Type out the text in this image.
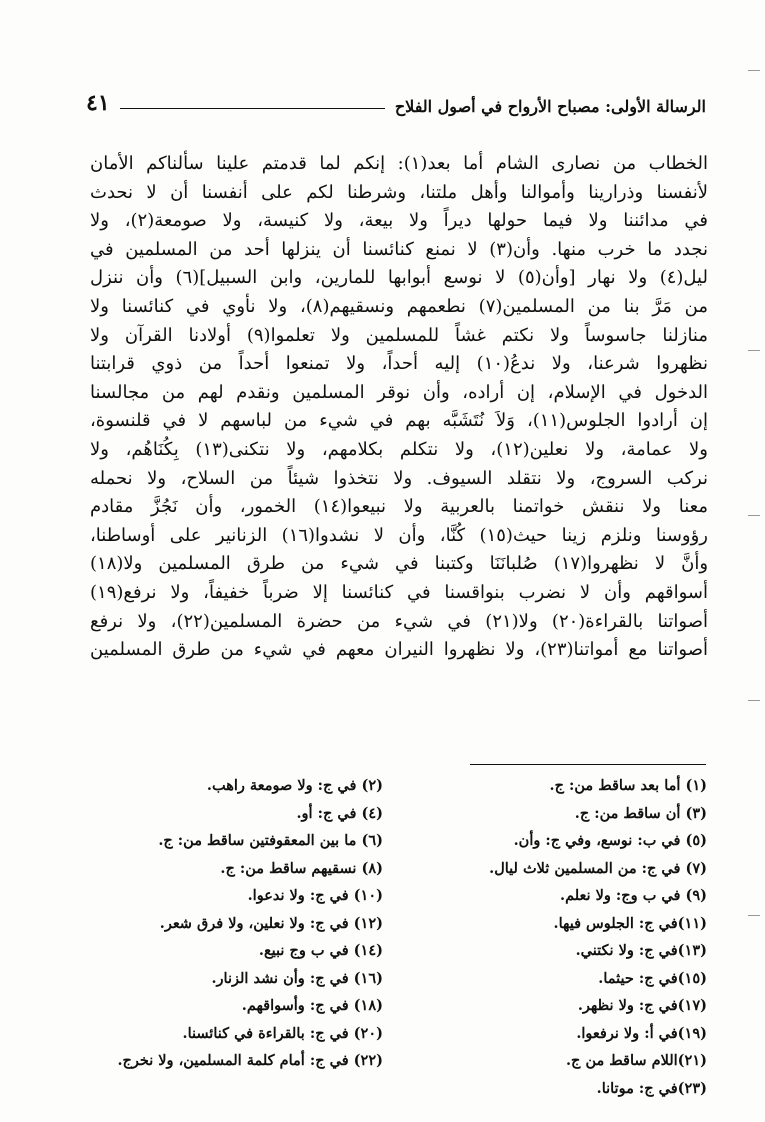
الرسالة الأولى: مصباح الأرواح في أصول الفلاح
٤١
الخطاب من نصارى الشام أما بعد(١): إنكم لما قدمتم علينا سألناكم الأمان
لأنفسنا وذرارينا وأموالنا وأهل ملتنا، وشرطنا لكم على أنفسنا أن لا نحدث
في مدائننا ولا فيما حولها ديراً ولا بيعة، ولا كنيسة، ولا صومعة(٢)، ولا
نجدد ما خرب منها. وأن(٣) لا نمنع كنائسنا أن ينزلها أحد من المسلمين في
ليل(٤) ولا نهار [وأن(٥) لا نوسع أبوابها للمارين، وابن السبيل](٦) وأن ننزل
من مَرَّ بنا من المسلمين(٧) نطعمهم ونسقيهم(٨)، ولا نأوي في كنائسنا ولا
منازلنا جاسوساً ولا نكتم غشاً للمسلمين ولا تعلموا(٩) أولادنا القرآن ولا
نظهروا شرعنا، ولا ندعُ(١٠) إليه أحداً، ولا تمنعوا أحداً من ذوي قرابتنا
الدخول في الإسلام، إن أراده، وأن نوقر المسلمين ونقدم لهم من مجالسنا
إن أرادوا الجلوس(١١)، وَلاَ نُتَشَبَّه بهم في شيء من لباسهم لا في قلنسوة،
ولا عمامة، ولا نعلين(١٢)، ولا نتكلم بكلامهم، ولا نتكنى(١٣) بِكُنَاهُم، ولا
نركب السروج، ولا نتقلد السيوف. ولا نتخذوا شيئاً من السلاح، ولا نحمله
معنا ولا ننقش خواتمنا بالعربية ولا نبيعوا(١٤) الخمور، وأن نَجُزَّ مقادم
رؤوسنا ونلزم زينا حيث(١٥) كُنَّا، وأن لا نشدوا(١٦) الزنانير على أوساطنا،
وأنَّ لا نظهروا(١٧) صُلبانَنَا وكتبنا في شيء من طرق المسلمين ولا(١٨)
أسواقهم وأن لا نضرب بنواقسنا في كنائسنا إلا ضرباً خفيفاً، ولا نرفع(١٩)
أصواتنا بالقراءة(٢٠) ولا(٢١) في شيء من حضرة المسلمين(٢٢)، ولا نرفع
أصواتنا مع أمواتنا(٢٣)، ولا نظهروا النيران معهم في شيء من طرق المسلمين
(١) أما بعد ساقط من: ج.
(٣) أن ساقط من: ج.
(٥) في ب: نوسع، وفي ج: وأن.
(٧) في ج: من المسلمين ثلاث ليال.
(٩) في ب وج: ولا نعلم.
(١١)في ج: الجلوس فيها.
(١٣)في ج: ولا نكتني.
(١٥)في ج: حيثما.
(١٧)في ج: ولا نظهر.
(١٩)في أ: ولا نرفعوا.
(٢١)اللام ساقط من ج.
(٢٣)في ج: موتانا.
(٢) في ج: ولا صومعة راهب.
(٤) في ج: أو.
(٦) ما بين المعقوفتين ساقط من: ج.
(٨) نسقيهم ساقط من: ج.
(١٠) في ج: ولا ندعوا.
(١٢) في ج: ولا نعلين، ولا فرق شعر.
(١٤) في ب وج نبيع.
(١٦) في ج: وأن نشد الزنار.
(١٨) في ج: وأسواقهم.
(٢٠) في ج: بالقراءة في كنائسنا.
(٢٢) في ج: أمام كلمة المسلمين، ولا نخرج.
